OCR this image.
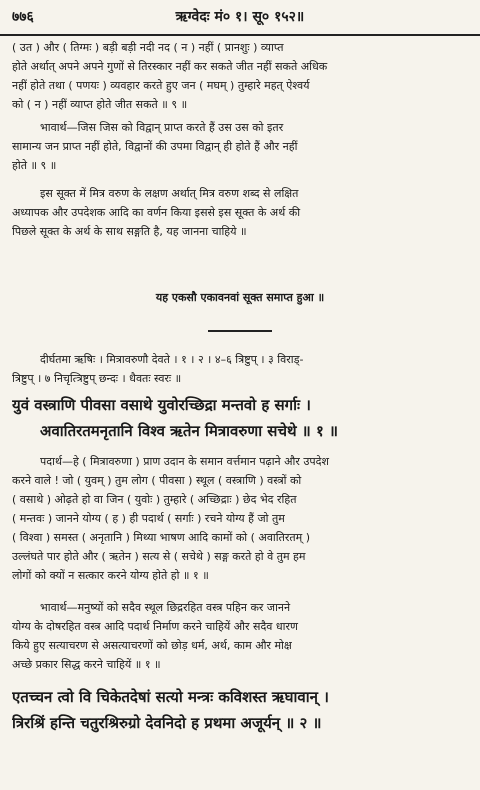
ऋग्वेदः मं० १। सू० १५२॥
७७६
( उत ) और ( तिग्मः ) बड़ी बड़ी नदी नद ( न ) नहीं ( प्रानशुः ) व्याप्त
होते अर्थात् अपने अपने गुणों से तिरस्कार नहीं कर सकते जीत नहीं सकते अधिक
नहीं होते तथा ( पणयः ) व्यवहार करते हुए जन ( मघम् ) तुम्हारे महत् ऐश्वर्य
को ( न ) नहीं व्याप्त होते जीत सकते ॥ ९ ॥
भावार्थ—जिस जिस को विद्वान् प्राप्त करते हैं उस उस को इतर
सामान्य जन प्राप्त नहीं होते, विद्वानों की उपमा विद्वान् ही होते हैं और नहीं
होते ॥ ९ ॥
इस सूक्त में मित्र वरुण के लक्षण अर्थात् मित्र वरुण शब्द से लक्षित
अध्यापक और उपदेशक आदि का वर्णन किया इससे इस सूक्त के अर्थ की
पिछले सूक्त के अर्थ के साथ सङ्गति है, यह जानना चाहिये ॥
यह एकसौ एकावनवां सूक्त समाप्त हुआ ॥
दीर्घतमा ऋषिः । मित्रावरुणौ देवते । १ । २ । ४–६ त्रिष्टुप् । ३ विराड्-
त्रिष्टुप् । ७ निचृत्त्रिष्टुप् छन्दः । धैवतः स्वरः ॥
युवं वस्त्राणि पीवसा वसाथे युवोरच्छिद्रा मन्तवो ह सर्गाः ।
अवातिरतमनृतानि विश्व ऋतेन मित्रावरुणा सचेथे ॥ १ ॥
पदार्थ—हे ( मित्रावरुणा ) प्राण उदान के समान वर्त्तमान पढ़ाने और उपदेश
करने वाले ! जो ( युवम् ) तुम लोग ( पीवसा ) स्थूल ( वस्त्राणि ) वस्त्रों को
( वसाथे ) ओढ़ते हो वा जिन ( युवोः ) तुम्हारे ( अच्छिद्राः ) छेद भेद रहित
( मन्तवः ) जानने योग्य ( ह ) ही पदार्थ ( सर्गाः ) रचने योग्य हैं जो तुम
( विश्वा ) समस्त ( अनृतानि ) मिथ्या भाषण आदि कामों को ( अवातिरतम् )
उल्लंघते पार होते और ( ऋतेन ) सत्य से ( सचेथे ) सङ्ग करते हो वे तुम हम
लोगों को क्यों न सत्कार करने योग्य होते हो ॥ १ ॥
भावार्थ—मनुष्यों को सदैव स्थूल छिद्ररहित वस्त्र पहिन कर जानने
योग्य के दोषरहित वस्त्र आदि पदार्थ निर्माण करने चाहियें और सदैव धारण
किये हुए सत्याचरण से असत्याचरणों को छोड़ धर्म, अर्थ, काम और मोक्ष
अच्छे प्रकार सिद्ध करने चाहियें ॥ १ ॥
एतच्चन त्वो वि चिकेतदेषां सत्यो मन्त्रः कविशस्त ऋघावान् ।
त्रिरश्रिं हन्ति चतुरश्रिरुग्रो देवनिदो ह प्रथमा अजूर्यन् ॥ २ ॥
